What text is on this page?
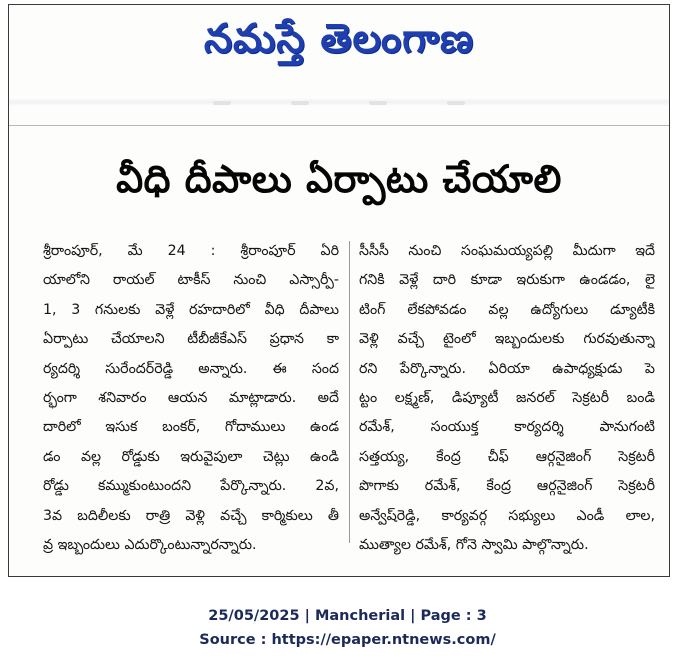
నమస్తే తెలంగాణ
వీధి దీపాలు ఏర్పాటు చేయాలి
శ్రీరాంపూర్, మే 24 : శ్రీరాంపూర్ ఏరి
యాలోని రాయల్ టాకీస్ నుంచి ఎస్సార్పీ-
1, 3 గనులకు వెళ్లే రహదారిలో వీధి దీపాలు
ఏర్పాటు చేయాలని టీబీజీకేఎస్ ప్రధాన కా
ర్యదర్శి సురేందర్‌రెడ్డి అన్నారు. ఈ సంద
ర్భంగా శనివారం ఆయన మాట్లాడారు. అదే
దారిలో ఇసుక బంకర్, గోదాములు ఉండ
డం వల్ల రోడ్డుకు ఇరువైపులా చెట్లు ఉండి
రోడ్డు కమ్ముకుంటుందని పేర్కొన్నారు. 2వ,
3వ బదిలీలకు రాత్రి వెళ్లి వచ్చే కార్మికులు తీ
వ్ర ఇబ్బందులు ఎదుర్కొంటున్నారన్నారు.
సీసీసీ నుంచి సంఘమయ్యపల్లి మీదుగా ఇదే
గనికి వెళ్లే దారి కూడా ఇరుకుగా ఉండడం, లై
టింగ్ లేకపోవడం వల్ల ఉద్యోగులు డ్యూటీకి
వెళ్లి వచ్చే టైంలో ఇబ్బందులకు గురవుతున్నా
రని పేర్కొన్నారు. ఏరియా ఉపాధ్యక్షుడు పె
ట్టం లక్ష్మణ్, డిప్యూటీ జనరల్ సెక్రటరీ బండి
రమేశ్, సంయుక్త కార్యదర్శి పానుగంటి
సత్తయ్య, కేంద్ర చీఫ్ ఆర్గనైజింగ్ సెక్రటరీ
పొగాకు రమేశ్, కేంద్ర ఆర్గనైజింగ్ సెక్రటరీ
అన్వేష్‌రెడ్డి, కార్యవర్గ సభ్యులు ఎండీ లాల,
ముత్యాల రమేశ్, గోనె స్వామి పాల్గొన్నారు.
25/05/2025 | Mancherial | Page : 3
Source : https://epaper.ntnews.com/
